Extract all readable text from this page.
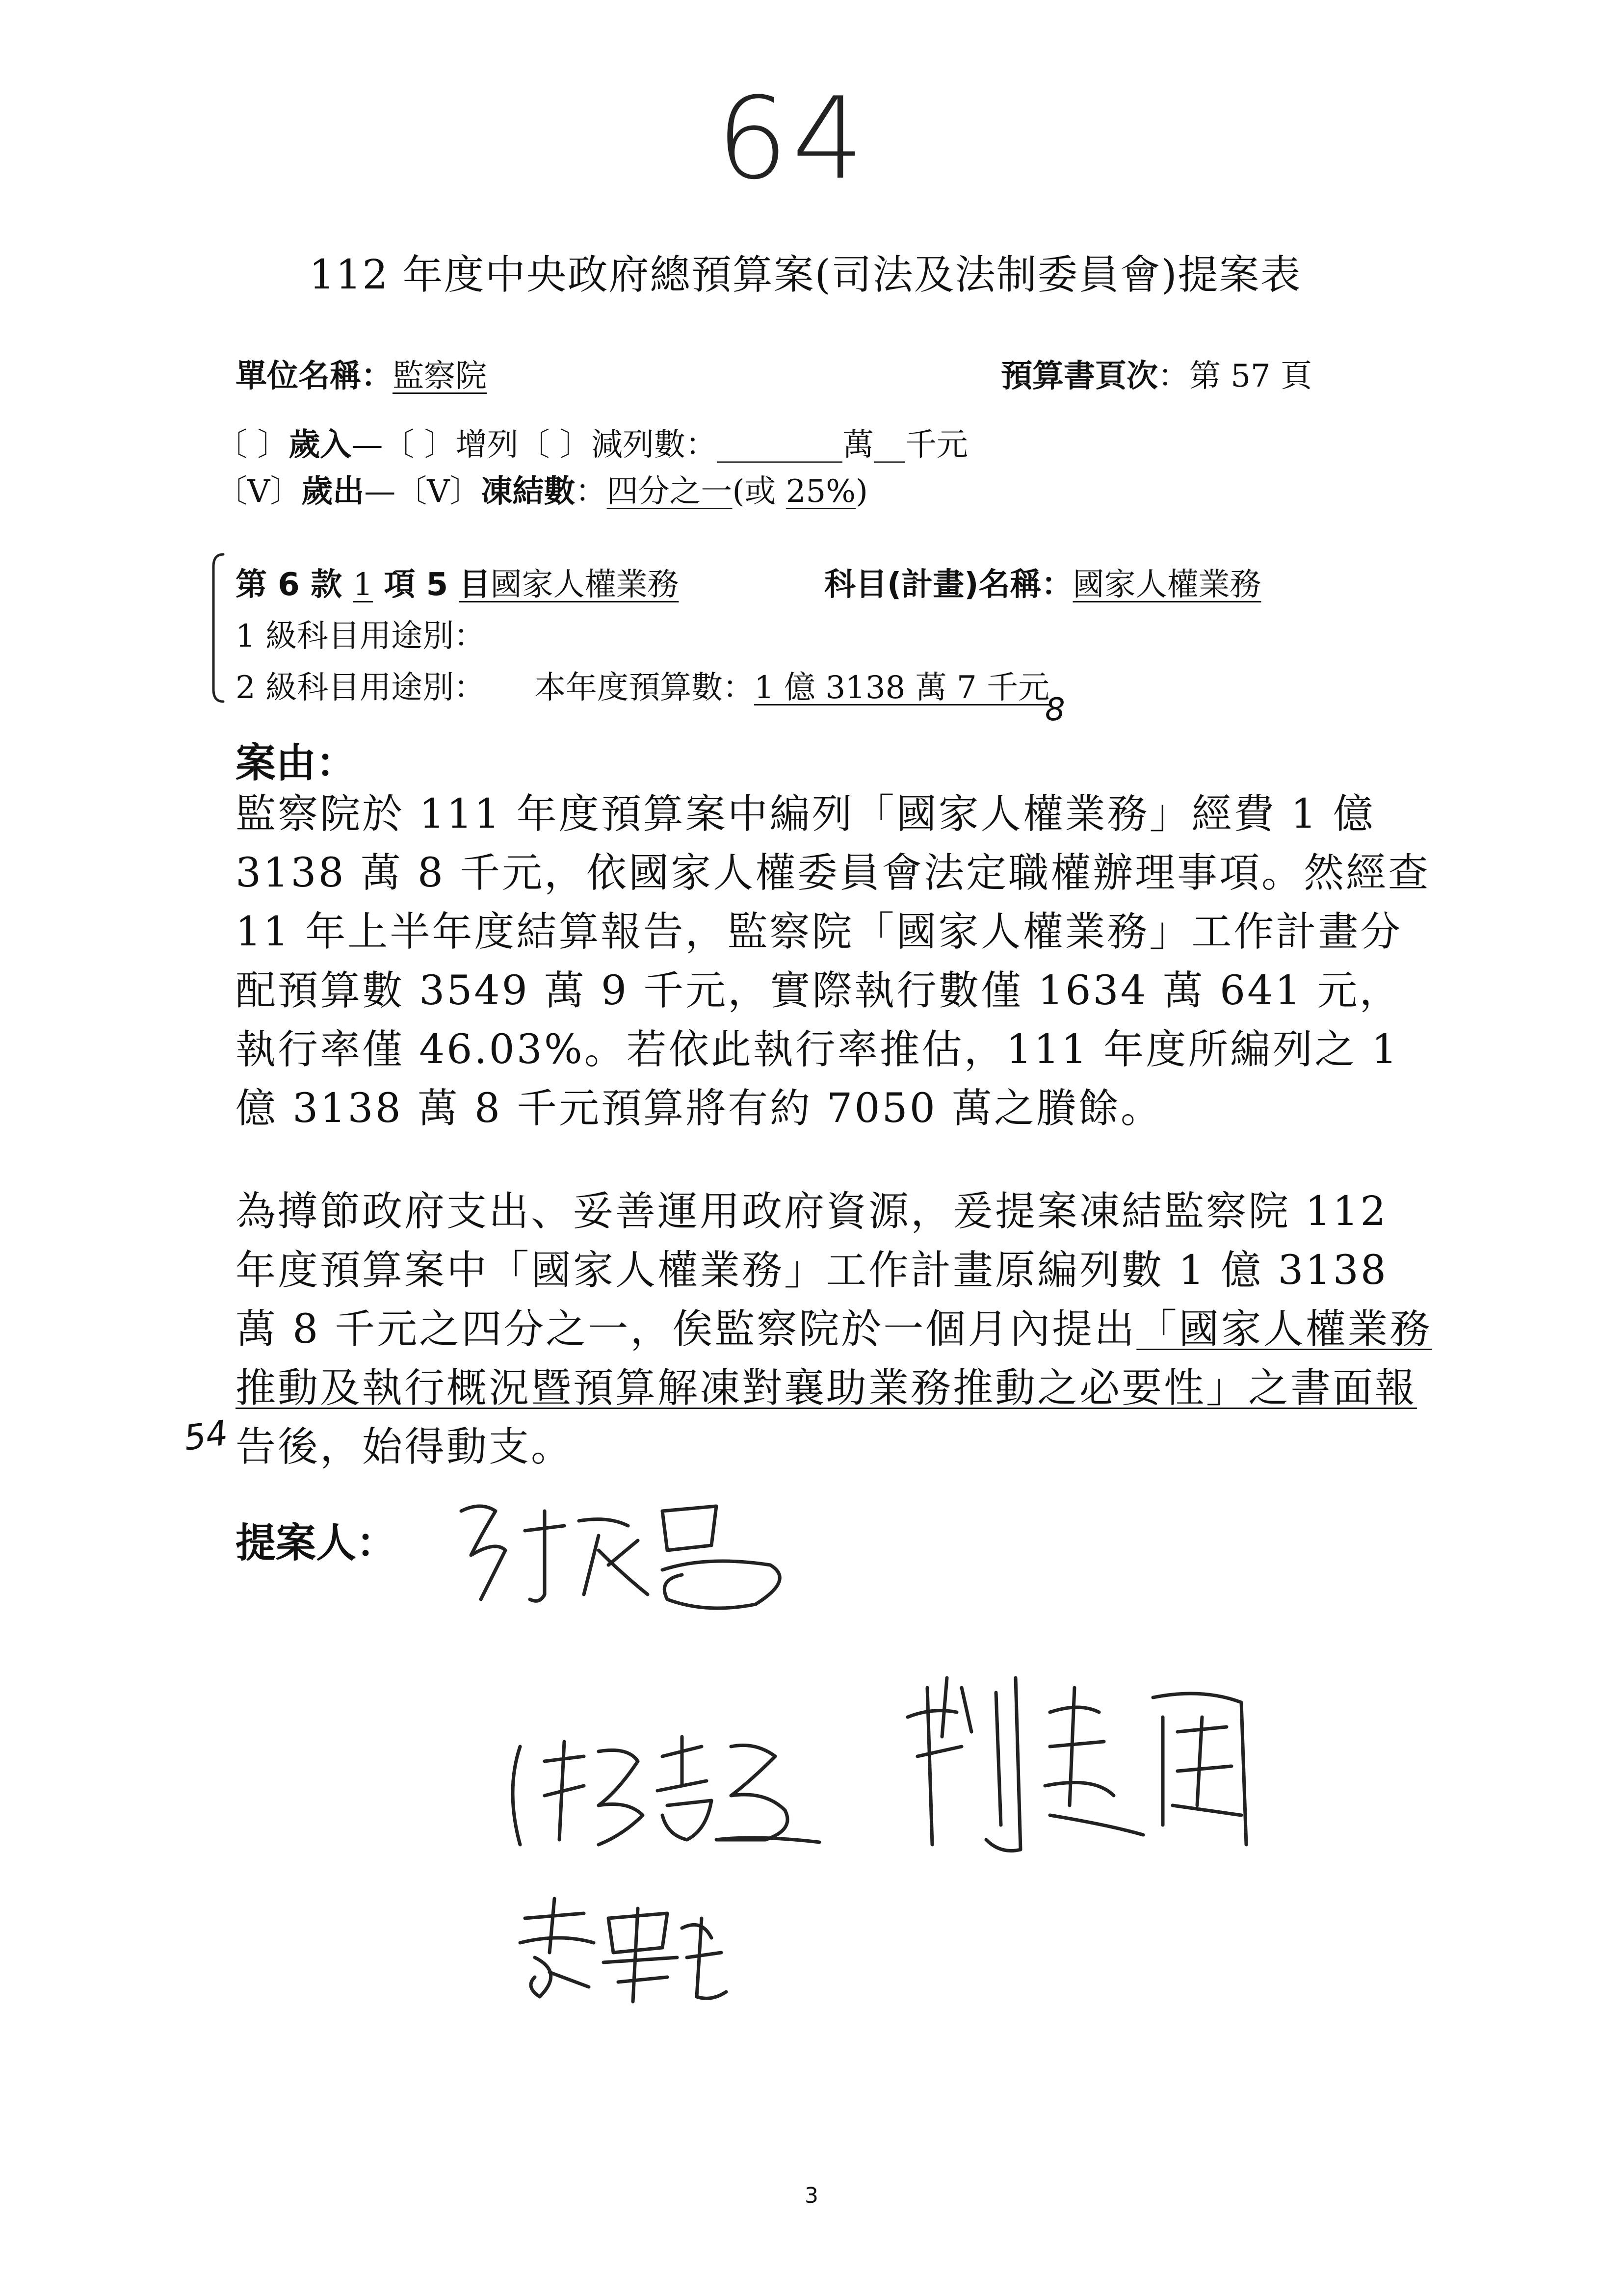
64
112 年度中央政府總預算案(司法及法制委員會)提案表
單位名稱：監察院	預算書頁次：第 57 頁
〔 〕歲入—〔 〕增列〔 〕減列數：________萬__千元
〔V〕歲出—〔V〕凍結數：四分之一(或 25%)
第 6 款 1 項 5 目國家人權業務	科目(計畫)名稱：國家人權業務
1 級科目用途別：
2 級科目用途別： 本年度預算數：1 億 3138 萬 7 千元
8
案由：

監察院於 111 年度預算案中編列「國家人權業務」經費 1 億 3138 萬 8 千元，依國家人權委員會法定職權辦理事項。然經查 11 年上半年度結算報告，監察院「國家人權業務」工作計畫分配預算數 3549 萬 9 千元，實際執行數僅 1634 萬 641 元，執行率僅 46.03%。若依此執行率推估，111 年度所編列之 1 億 3138 萬 8 千元預算將有約 7050 萬之賸餘。

為撙節政府支出、妥善運用政府資源，爰提案凍結監察院 112 年度預算案中「國家人權業務」工作計畫原編列數 1 億 3138 萬 8 千元之四分之一，俟監察院於一個月內提出「國家人權業務推動及執行概況暨預算解凍對襄助業務推動之必要性」之書面報告後，始得動支。

54
提案人：
3
